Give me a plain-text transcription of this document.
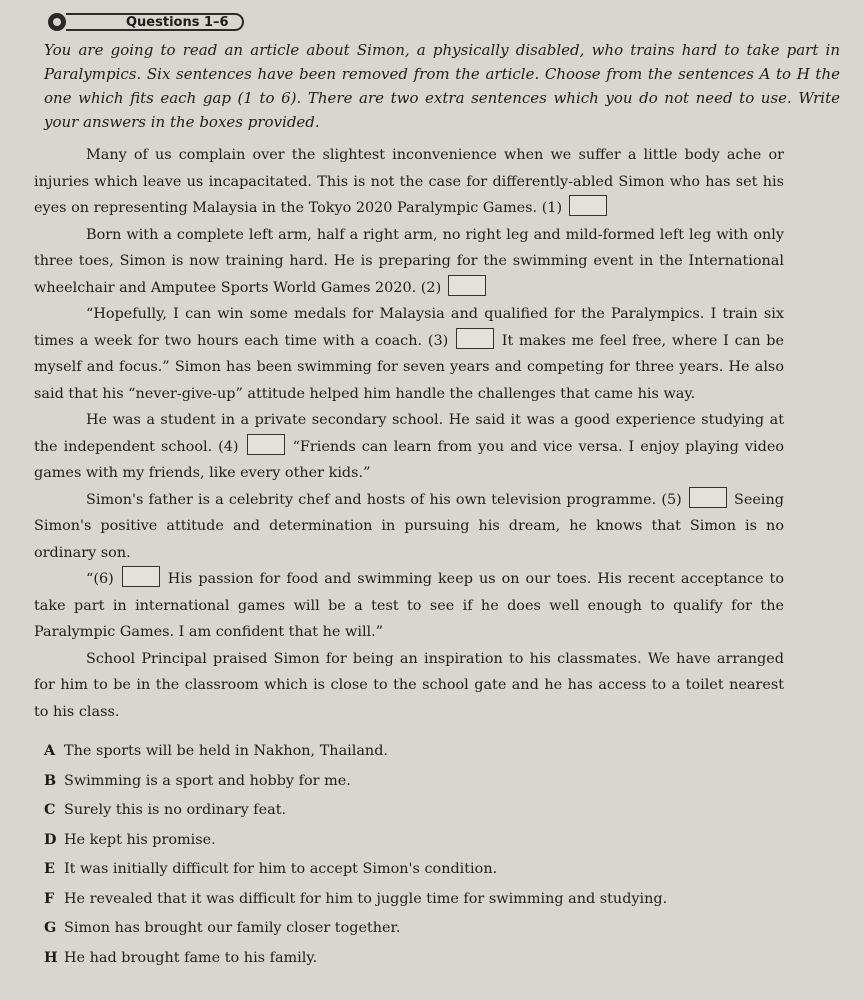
Questions 1–6
You are going to read an article about Simon, a physically disabled, who trains hard to take part in Paralympics. Six sentences have been removed from the article. Choose from the sentences A to H the one which fits each gap (1 to 6). There are two extra sentences which you do not need to use. Write your answers in the boxes provided.

Many of us complain over the slightest inconvenience when we suffer a little body ache or injuries which leave us incapacitated. This is not the case for differently-abled Simon who has set his eyes on representing Malaysia in the Tokyo 2020 Paralympic Games. (1)

Born with a complete left arm, half a right arm, no right leg and mild-formed left leg with only three toes, Simon is now training hard. He is preparing for the swimming event in the International wheelchair and Amputee Sports World Games 2020. (2)

“Hopefully, I can win some medals for Malaysia and qualified for the Paralympics. I train six times a week for two hours each time with a coach. (3)	It makes me feel free, where I can be myself and focus.” Simon has been swimming for seven years and competing for three years. He also said that his “never-give-up” attitude helped him handle the challenges that came his way.

He was a student in a private secondary school. He said it was a good experience studying at the independent school. (4)	“Friends can learn from you and vice versa. I enjoy playing video games with my friends, like every other kids.”

Simon's father is a celebrity chef and hosts of his own television programme. (5)	Seeing Simon's positive attitude and determination in pursuing his dream, he knows that Simon is no ordinary son.

“(6)	His passion for food and swimming keep us on our toes. His recent acceptance to take part in international games will be a test to see if he does well enough to qualify for the Paralympic Games. I am confident that he will.”

School Principal praised Simon for being an inspiration to his classmates. We have arranged for him to be in the classroom which is close to the school gate and he has access to a toilet nearest to his class.

A The sports will be held in Nakhon, Thailand.
B Swimming is a sport and hobby for me.
C Surely this is no ordinary feat.
D He kept his promise.
E It was initially difficult for him to accept Simon's condition.
F He revealed that it was difficult for him to juggle time for swimming and studying.
G Simon has brought our family closer together.
H He had brought fame to his family.
